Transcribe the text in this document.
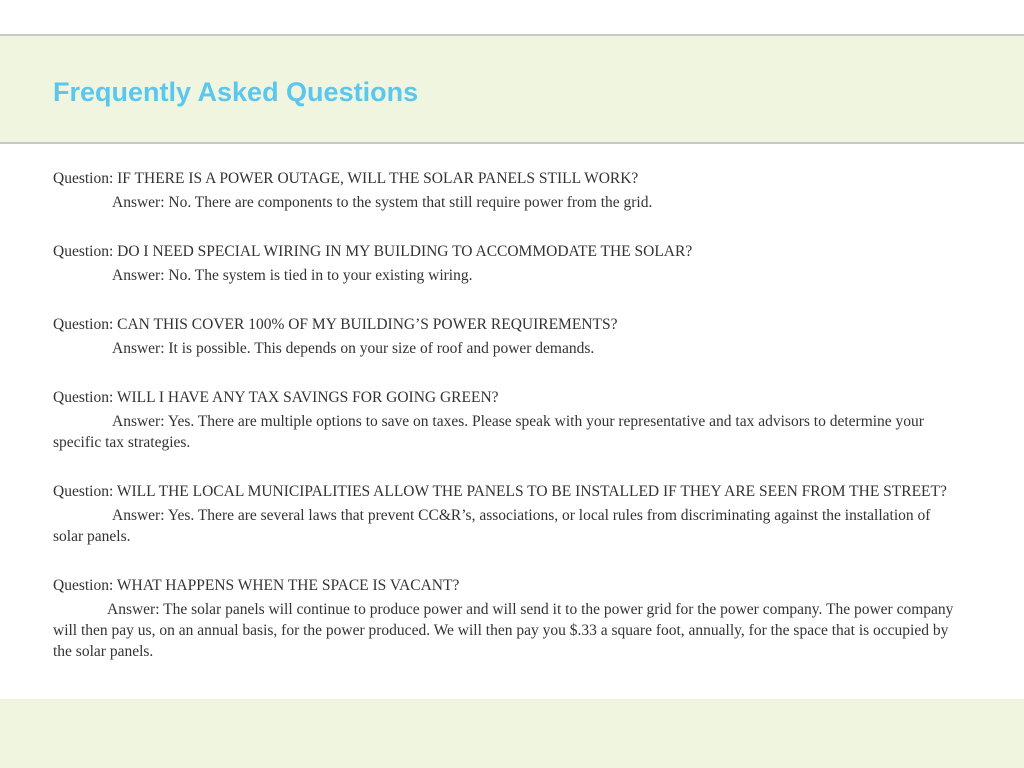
Frequently Asked Questions

Question: IF THERE IS A POWER OUTAGE, WILL THE SOLAR PANELS STILL WORK?

Answer: No. There are components to the system that still require power from the grid.

Question: DO I NEED SPECIAL WIRING IN MY BUILDING TO ACCOMMODATE THE SOLAR?

Answer: No. The system is tied in to your existing wiring.

Question: CAN THIS COVER 100% OF MY BUILDING’S POWER REQUIREMENTS?

Answer: It is possible. This depends on your size of roof and power demands.

Question: WILL I HAVE ANY TAX SAVINGS FOR GOING GREEN?

Answer: Yes. There are multiple options to save on taxes. Please speak with your representative and tax advisors to determine your specific tax strategies.

Question: WILL THE LOCAL MUNICIPALITIES ALLOW THE PANELS TO BE INSTALLED IF THEY ARE SEEN FROM THE STREET?

Answer: Yes. There are several laws that prevent CC&R’s, associations, or local rules from discriminating against the installation of solar panels.

Question: WHAT HAPPENS WHEN THE SPACE IS VACANT?

Answer: The solar panels will continue to produce power and will send it to the power grid for the power company. The power company will then pay us, on an annual basis, for the power produced. We will then pay you $.33 a square foot, annually, for the space that is occupied by the solar panels.
